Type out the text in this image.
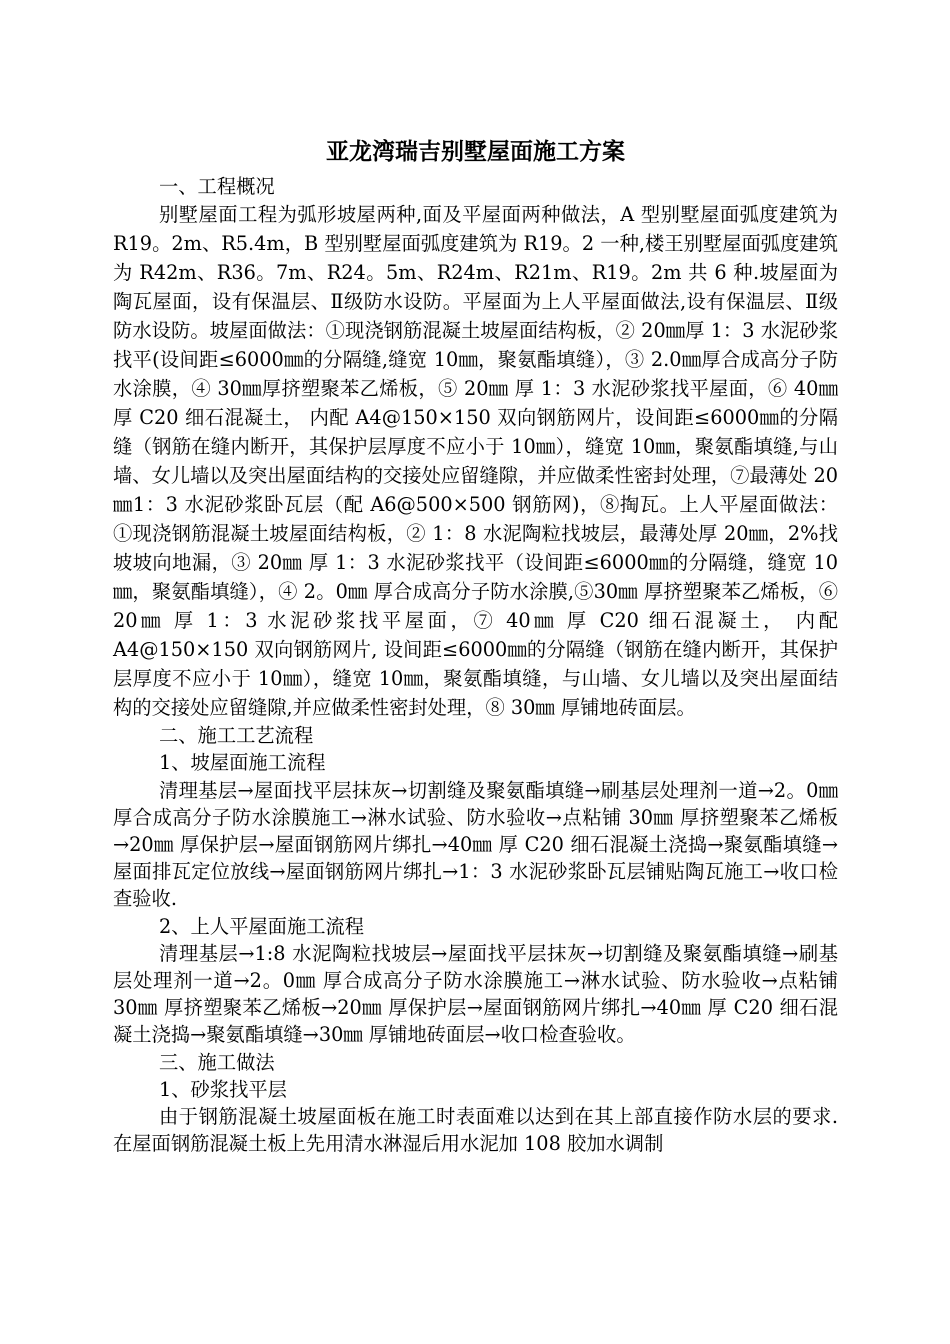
亚龙湾瑞吉别墅屋面施工方案

一、工程概况

别墅屋面工程为弧形坡屋两种,面及平屋面两种做法，A 型别墅屋面弧度建筑为 R19。2m、R5.4m，B 型别墅屋面弧度建筑为 R19。2 一种,楼王别墅屋面弧度建筑为 R42m、R36。7m、R24。5m、R24m、R21m、R19。2m 共 6 种.坡屋面为陶瓦屋面，设有保温层、Ⅱ级防水设防。平屋面为上人平屋面做法,设有保温层、Ⅱ级防水设防。坡屋面做法：①现浇钢筋混凝土坡屋面结构板，② 20㎜厚 1：3 水泥砂浆找平(设间距≤6000㎜的分隔缝,缝宽 10㎜，聚氨酯填缝），③ 2.0㎜厚合成高分子防水涂膜，④ 30㎜厚挤塑聚苯乙烯板，⑤ 20㎜ 厚 1：3 水泥砂浆找平屋面，⑥ 40㎜ 厚 C20 细石混凝土， 内配 A4@150×150 双向钢筋网片，设间距≤6000㎜的分隔缝（钢筋在缝内断开，其保护层厚度不应小于 10㎜），缝宽 10㎜，聚氨酯填缝,与山墙、女儿墙以及突出屋面结构的交接处应留缝隙，并应做柔性密封处理，⑦最薄处 20㎜1：3 水泥砂浆卧瓦层（配 A6@500×500 钢筋网)，⑧掏瓦。上人平屋面做法：①现浇钢筋混凝土坡屋面结构板，② 1：8 水泥陶粒找坡层，最薄处厚 20㎜，2%找坡坡向地漏，③ 20㎜ 厚 1：3 水泥砂浆找平（设间距≤6000㎜的分隔缝，缝宽 10㎜，聚氨酯填缝），④ 2。0㎜ 厚合成高分子防水涂膜,⑤30㎜ 厚挤塑聚苯乙烯板，⑥ 20㎜ 厚 1：3 水泥砂浆找平屋面，⑦ 40㎜ 厚 C20 细石混凝土， 内配 A4@150×150 双向钢筋网片, 设间距≤6000㎜的分隔缝（钢筋在缝内断开，其保护层厚度不应小于 10㎜），缝宽 10㎜，聚氨酯填缝，与山墙、女儿墙以及突出屋面结构的交接处应留缝隙,并应做柔性密封处理，⑧ 30㎜ 厚铺地砖面层。

二、施工工艺流程

1、坡屋面施工流程

清理基层→屋面找平层抹灰→切割缝及聚氨酯填缝→刷基层处理剂一道→2。0㎜ 厚合成高分子防水涂膜施工→淋水试验、防水验收→点粘铺 30㎜ 厚挤塑聚苯乙烯板→20㎜ 厚保护层→屋面钢筋网片绑扎→40㎜ 厚 C20 细石混凝土浇捣→聚氨酯填缝→屋面排瓦定位放线→屋面钢筋网片绑扎→1：3 水泥砂浆卧瓦层铺贴陶瓦施工→收口检查验收.

2、上人平屋面施工流程

清理基层→1:8 水泥陶粒找坡层→屋面找平层抹灰→切割缝及聚氨酯填缝→刷基层处理剂一道→2。0㎜ 厚合成高分子防水涂膜施工→淋水试验、防水验收→点粘铺 30㎜ 厚挤塑聚苯乙烯板→20㎜ 厚保护层→屋面钢筋网片绑扎→40㎜ 厚 C20 细石混凝土浇捣→聚氨酯填缝→30㎜ 厚铺地砖面层→收口检查验收。

三、施工做法

1、砂浆找平层

由于钢筋混凝土坡屋面板在施工时表面难以达到在其上部直接作防水层的要求.在屋面钢筋混凝土板上先用清水淋湿后用水泥加 108 胶加水调制
